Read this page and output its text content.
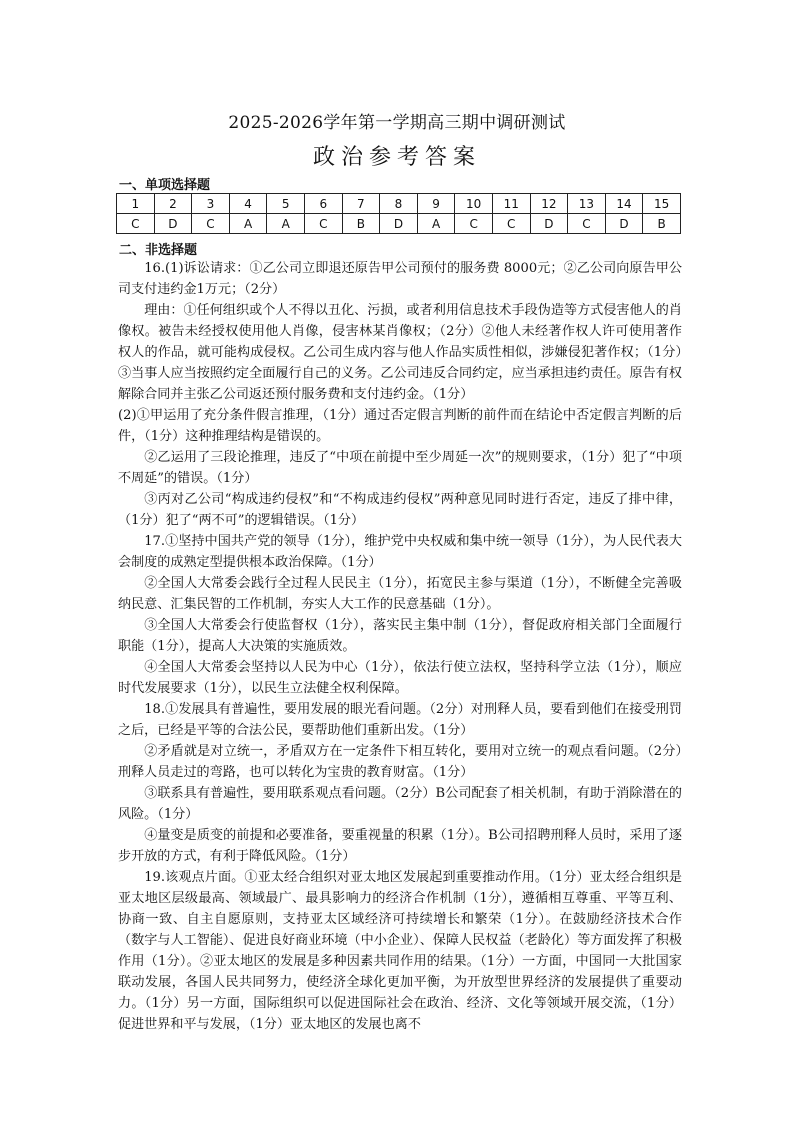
2025-2026学年第一学期高三期中调研测试
政治参考答案
一、单项选择题
1	2	3	4	5	6	7	8	9	10	11	12	13	14	15
C	D	C	A	A	C	B	D	A	C	C	D	C	D	B
二、非选择题

16.(1)诉讼请求：①乙公司立即退还原告甲公司预付的服务费 8000元；②乙公司向原告甲公司支付违约金1万元；（2分）

理由：①任何组织或个人不得以丑化、污损，或者利用信息技术手段伪造等方式侵害他人的肖像权。被告未经授权使用他人肖像，侵害林某肖像权；（2分）②他人未经著作权人许可使用著作权人的作品，就可能构成侵权。乙公司生成内容与他人作品实质性相似，涉嫌侵犯著作权；（1分）③当事人应当按照约定全面履行自己的义务。乙公司违反合同约定，应当承担违约责任。原告有权解除合同并主张乙公司返还预付服务费和支付违约金。（1分）

(2)①甲运用了充分条件假言推理，（1分）通过否定假言判断的前件而在结论中否定假言判断的后件，（1分）这种推理结构是错误的。

②乙运用了三段论推理，违反了“中项在前提中至少周延一次”的规则要求，（1分）犯了“中项不周延”的错误。（1分）

③丙对乙公司“构成违约侵权”和“不构成违约侵权”两种意见同时进行否定，违反了排中律，（1分）犯了“两不可”的逻辑错误。（1分）

17.①坚持中国共产党的领导（1分），维护党中央权威和集中统一领导（1分），为人民代表大会制度的成熟定型提供根本政治保障。（1分）

②全国人大常委会践行全过程人民民主（1分），拓宽民主参与渠道（1分），不断健全完善吸纳民意、汇集民智的工作机制，夯实人大工作的民意基础（1分）。

③全国人大常委会行使监督权（1分），落实民主集中制（1分），督促政府相关部门全面履行职能（1分），提高人大决策的实施质效。

④全国人大常委会坚持以人民为中心（1分），依法行使立法权，坚持科学立法（1分），顺应时代发展要求（1分），以民生立法健全权利保障。

18.①发展具有普遍性，要用发展的眼光看问题。（2分）对刑释人员，要看到他们在接受刑罚之后，已经是平等的合法公民，要帮助他们重新出发。（1分）

②矛盾就是对立统一，矛盾双方在一定条件下相互转化，要用对立统一的观点看问题。（2分）刑释人员走过的弯路，也可以转化为宝贵的教育财富。（1分）

③联系具有普遍性，要用联系观点看问题。（2分）B公司配套了相关机制，有助于消除潜在的风险。（1分）

④量变是质变的前提和必要准备，要重视量的积累（1分）。B公司招聘刑释人员时，采用了逐步开放的方式，有利于降低风险。（1分）

19.该观点片面。①亚太经合组织对亚太地区发展起到重要推动作用。（1分）亚太经合组织是亚太地区层级最高、领域最广、最具影响力的经济合作机制（1分），遵循相互尊重、平等互利、协商一致、自主自愿原则，支持亚太区域经济可持续增长和繁荣（1分）。在鼓励经济技术合作（数字与人工智能）、促进良好商业环境（中小企业）、保障人民权益（老龄化）等方面发挥了积极作用（1分）。②亚太地区的发展是多种因素共同作用的结果。（1分）一方面，中国同一大批国家联动发展，各国人民共同努力，使经济全球化更加平衡，为开放型世界经济的发展提供了重要动力。（1分）另一方面，国际组织可以促进国际社会在政治、经济、文化等领域开展交流，（1分）促进世界和平与发展，（1分）亚太地区的发展也离不
